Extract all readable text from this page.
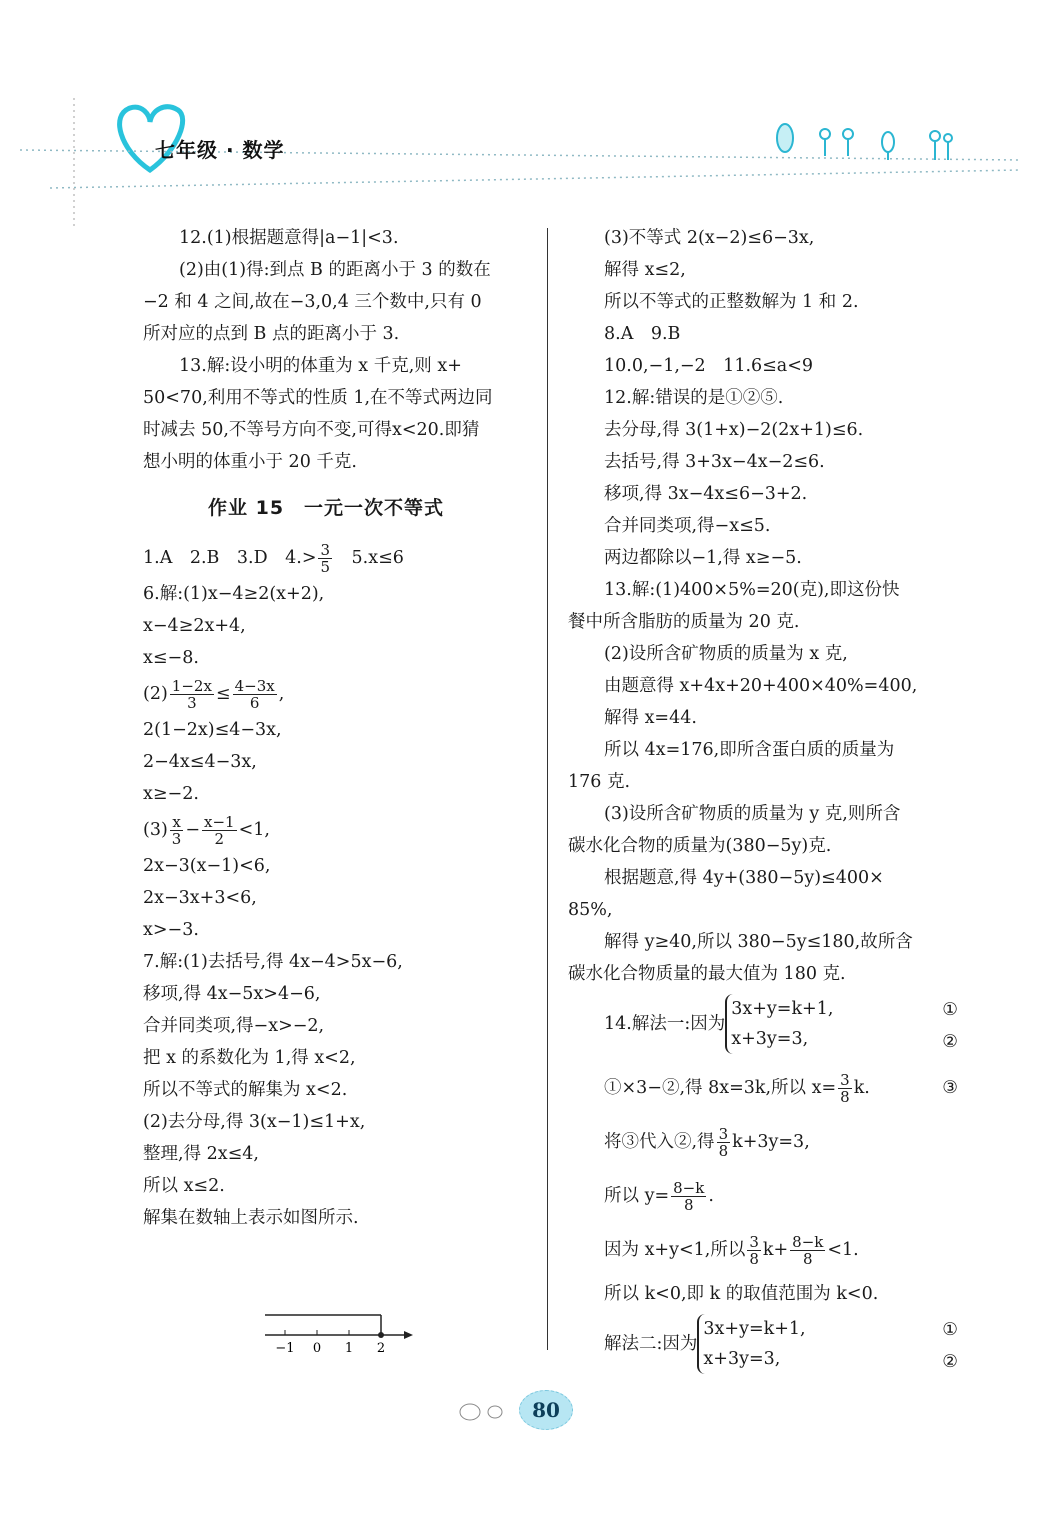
七年级 · 数学
12.(1)根据题意得|a−1|<3.
(2)由(1)得:到点 B 的距离小于 3 的数在
−2 和 4 之间,故在−3,0,4 三个数中,只有 0
所对应的点到 B 点的距离小于 3.
13.解:设小明的体重为 x 千克,则 x+
50<70,利用不等式的性质 1,在不等式两边同
时减去 50,不等号方向不变,可得x<20.即猜
想小明的体重小于 20 千克.
作业 15　一元一次不等式
1.A　2.B　3.D　$4.> \frac{3}{5}$ 　5.x≤6
6.解:(1)x−4≥2(x+2),
x−4≥2x+4,
x≤−8.
$(2) \frac{1-2x}{3} \le \frac{4-3x}{6}$ ,
2(1−2x)≤4−3x,
2−4x≤4−3x,
x≥−2.
$(3) \frac{x}{3} - \frac{x-1}{2} <1$,
2x−3(x−1)<6,
2x−3x+3<6,
x>−3.
7.解:(1)去括号,得 4x−4>5x−6,
移项,得 4x−5x>4−6,
合并同类项,得−x>−2,
把 x 的系数化为 1,得 x<2,
所以不等式的解集为 x<2.
(2)去分母,得 3(x−1)≤1+x,
整理,得 2x≤4,
所以 x≤2.
解集在数轴上表示如图所示.
−1 0 1 2
(3)不等式 2(x−2)≤6−3x,
解得 x≤2,
所以不等式的正整数解为 1 和 2.
8.A　9.B
10.0,−1,−2　11.6≤a<9
12.解:错误的是①②⑤.
去分母,得 3(1+x)−2(2x+1)≤6.
去括号,得 3+3x−4x−2≤6.
移项,得 3x−4x≤6−3+2.
合并同类项,得−x≤5.
两边都除以−1,得 x≥−5.
13.解:(1)400×5%=20(克),即这份快
餐中所含脂肪的质量为 20 克.
(2)设所含矿物质的质量为 x 克,
由题意得 x+4x+20+400×40%=400,
解得 x=44.
所以 4x=176,即所含蛋白质的质量为
176 克.
(3)设所含矿物质的质量为 y 克,则所含
碳水化合物的质量为(380−5y)克.
根据题意,得 4y+(380−5y)≤400×
85%,
解得 y≥40,所以 380−5y≤180,故所含
碳水化合物质量的最大值为 180 克.
14.解法一:因为
3x+y=k+1,
x+3y=3,
①
②
①×3−②,得 8x=3k,所以 $x= \frac{3}{8} k$.	③
将③代入②,得 $\frac{3}{8} k+3y=3$,
所以 $y= \frac{8-k}{8}$ .
因为 x+y<1,所以 $\frac{3}{8} k+ \frac{8-k}{8} <1$.
所以 k<0,即 k 的取值范围为 k<0.
解法二:因为
3x+y=k+1,
x+3y=3,
①
②
80
